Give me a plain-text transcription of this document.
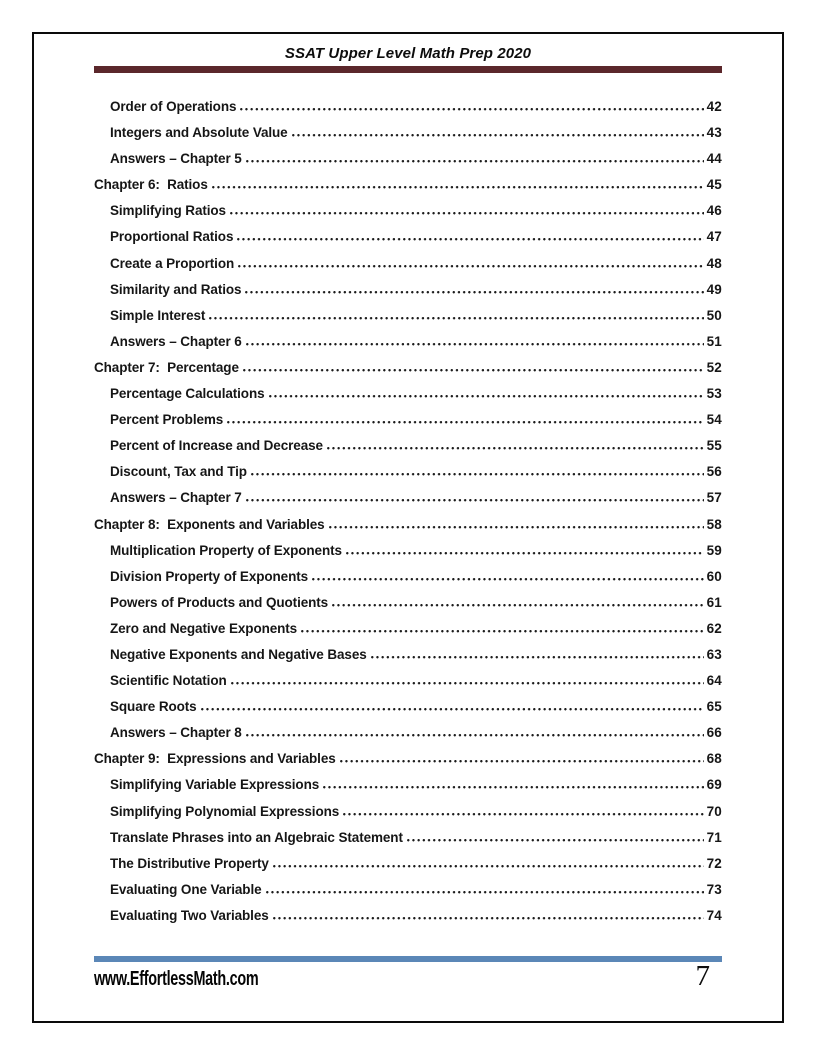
SSAT Upper Level Math Prep 2020
Order of Operations	42
Integers and Absolute Value	43
Answers – Chapter 5	44
Chapter 6:  Ratios	45
Simplifying Ratios	46
Proportional Ratios	47
Create a Proportion	48
Similarity and Ratios	49
Simple Interest	50
Answers – Chapter 6	51
Chapter 7:  Percentage	52
Percentage Calculations	53
Percent Problems	54
Percent of Increase and Decrease	55
Discount, Tax and Tip	56
Answers – Chapter 7	57
Chapter 8:  Exponents and Variables	58
Multiplication Property of Exponents	59
Division Property of Exponents	60
Powers of Products and Quotients	61
Zero and Negative Exponents	62
Negative Exponents and Negative Bases	63
Scientific Notation	64
Square Roots	65
Answers – Chapter 8	66
Chapter 9:  Expressions and Variables	68
Simplifying Variable Expressions	69
Simplifying Polynomial Expressions	70
Translate Phrases into an Algebraic Statement	71
The Distributive Property	72
Evaluating One Variable	73
Evaluating Two Variables	74
www.EffortlessMath.com	7
